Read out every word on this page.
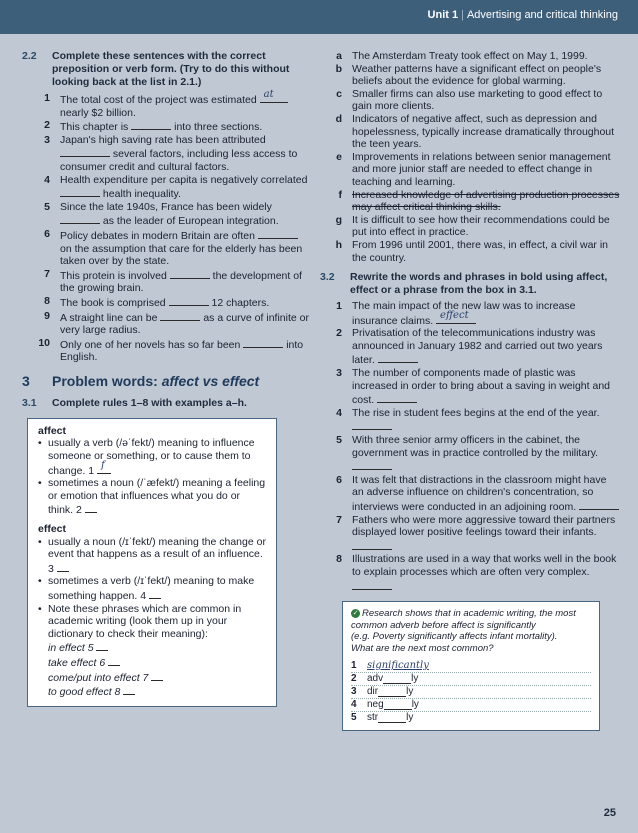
Unit 1 | Advertising and critical thinking
2.2	Complete these sentences with the correct preposition or verb form. (Try to do this without looking back at the list in 2.1.)
1 The total cost of the project was estimated at
nearly $2 billion.
2 This chapter is	into three sections.
3 Japan's high saving rate has been attributed  several factors, including less access to consumer credit and cultural factors.
4 Health expenditure per capita is negatively correlated  health inequality.
5 Since the late 1940s, France has been widely  as the leader of European integration.
6 Policy debates in modern Britain are often  on the assumption that care for the elderly has been taken over by the state.
7 This protein is involved	the development of the growing brain.
8 The book is comprised	12 chapters.
9 A straight line can be	as a curve of infinite or very large radius.
10 Only one of her novels has so far been	into English.
3	Problem words: affect vs effect
3.1	Complete rules 1–8 with examples a–h.
affect
• usually a verb (/əˈfekt/) meaning to influence someone or something, or to cause them to change. 1 f
• sometimes a noun (/ˈæfekt/) meaning a feeling or emotion that influences what you do or think. 2
effect
• usually a noun (/ɪˈfekt/) meaning the change or event that happens as a result of an influence. 3
• sometimes a verb (/ɪˈfekt/) meaning to make something happen. 4
• Note these phrases which are common in academic writing (look them up in your dictionary to check their meaning):
in effect 5
take effect 6
come/put into effect 7
to good effect 8
a The Amsterdam Treaty took effect on May 1, 1999.
b Weather patterns have a significant effect on people's beliefs about the evidence for global warming.
c Smaller firms can also use marketing to good effect to gain more clients.
d Indicators of negative affect, such as depression and hopelessness, typically increase dramatically throughout the teen years.
e Improvements in relations between senior management and more junior staff are needed to effect change in teaching and learning.
f Increased knowledge of advertising production processes may affect critical thinking skills.
g It is difficult to see how their recommendations could be put into effect in practice.
h From 1996 until 2001, there was, in effect, a civil war in the country.
3.2	Rewrite the words and phrases in bold using affect, effect or a phrase from the box in 3.1.
1 The main impact of the new law was to increase insurance claims. effect
2 Privatisation of the telecommunications industry was announced in January 1982 and carried out two years later.
3 The number of components made of plastic was increased in order to bring about a saving in weight and cost.
4 The rise in student fees begins at the end of the year.
5 With three senior army officers in the cabinet, the government was in practice controlled by the military.
6 It was felt that distractions in the classroom might have an adverse influence on children's concentration, so interviews were conducted in an adjoining room.
7 Fathers who were more aggressive toward their partners displayed lower positive feelings toward their infants.
8 Illustrations are used in a way that works well in the book to explain processes which are often very complex.
✓ Research shows that in academic writing, the most common adverb before affect is significantly
(e.g. Poverty significantly affects infant mortality).
What are the next most common?
1	significantly
2	adv	ly
3	dir	ly
4	neg	ly
5	str	ly
25
